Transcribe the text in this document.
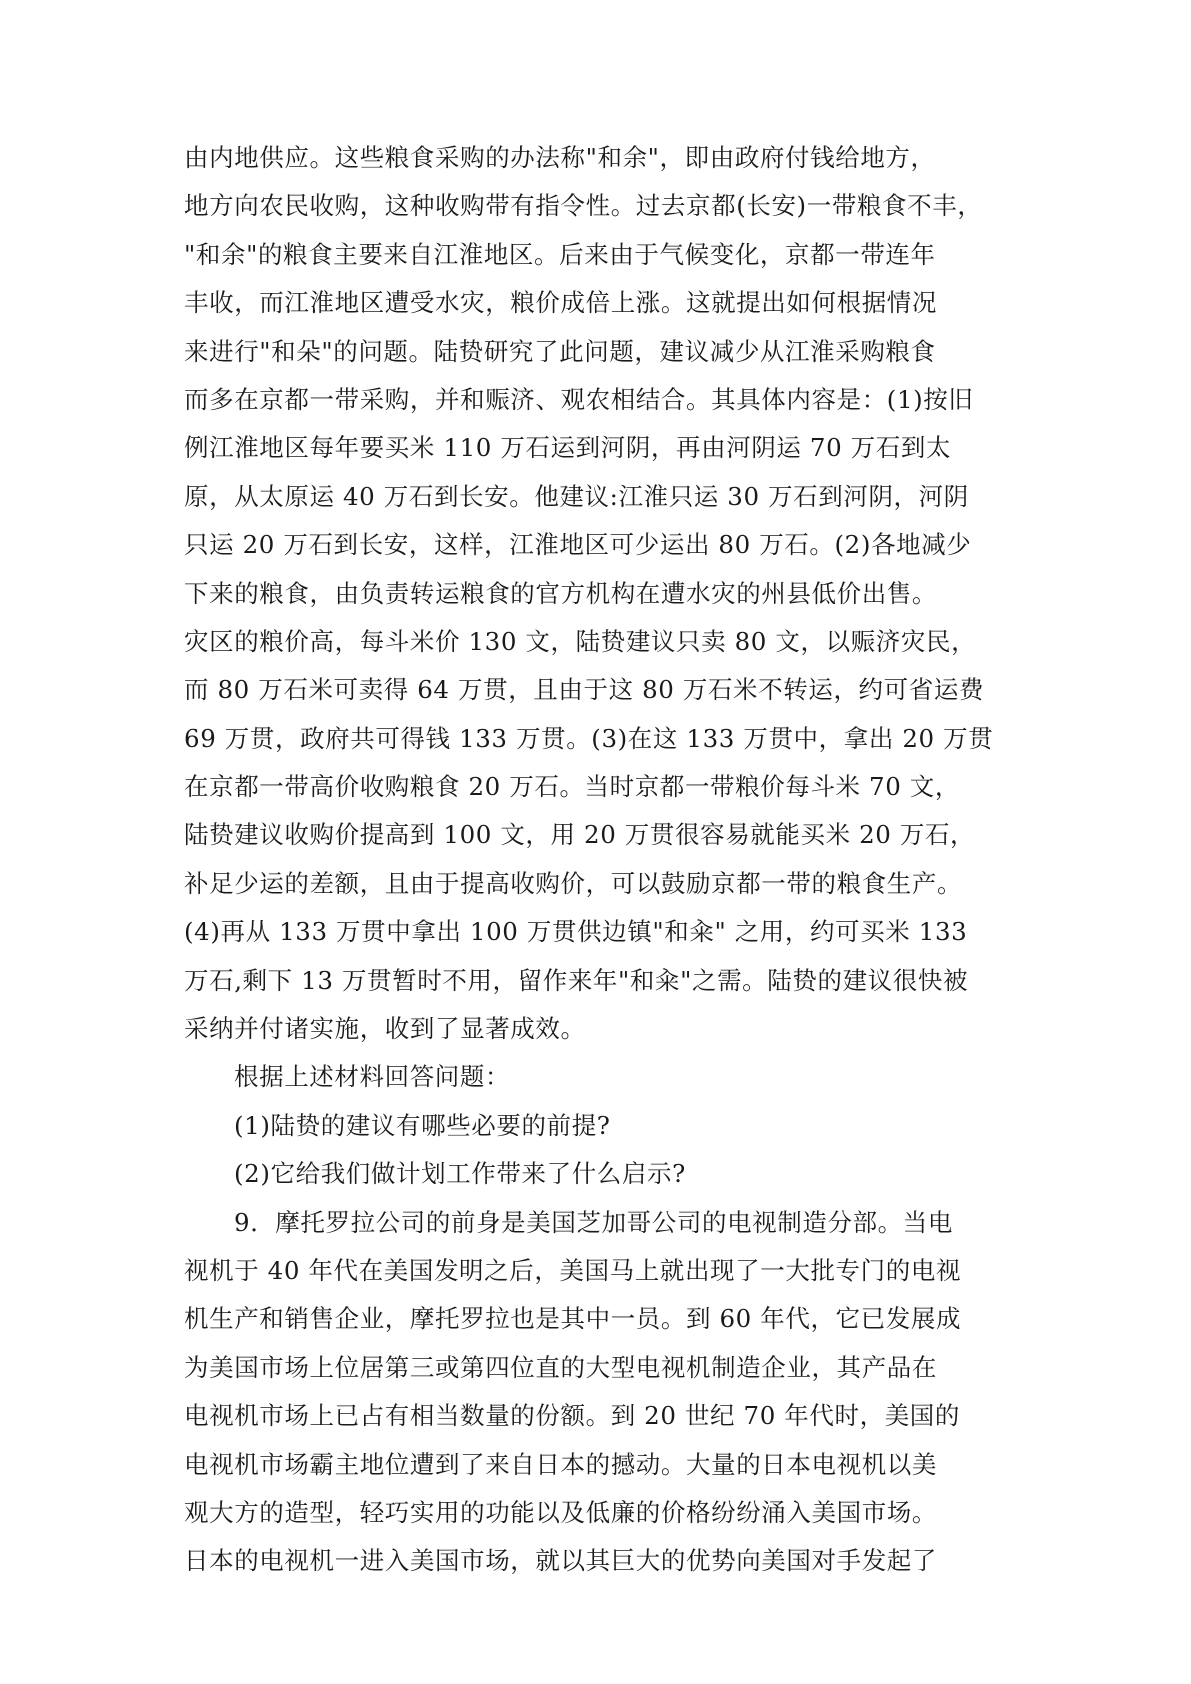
由内地供应。这些粮食采购的办法称"和余"，即由政府付钱给地方，
地方向农民收购，这种收购带有指令性。过去京都(长安)一带粮食不丰，
"和余"的粮食主要来自江淮地区。后来由于气候变化，京都一带连年
丰收，而江淮地区遭受水灾，粮价成倍上涨。这就提出如何根据情况
来进行"和朵"的问题。陆贽研究了此问题，建议减少从江淮采购粮食
而多在京都一带采购，并和赈济、观农相结合。其具体内容是：(1)按旧
例江淮地区每年要买米 110 万石运到河阴，再由河阴运 70 万石到太
原，从太原运 40 万石到长安。他建议:江淮只运 30 万石到河阴，河阴
只运 20 万石到长安，这样，江淮地区可少运出 80 万石。(2)各地减少
下来的粮食，由负责转运粮食的官方机构在遭水灾的州县低价出售。
灾区的粮价高，每斗米价 130 文，陆贽建议只卖 80 文，以赈济灾民，
而 80 万石米可卖得 64 万贯，且由于这 80 万石米不转运，约可省运费
69 万贯，政府共可得钱 133 万贯。(3)在这 133 万贯中，拿出 20 万贯
在京都一带高价收购粮食 20 万石。当时京都一带粮价每斗米 70 文，
陆贽建议收购价提高到 100 文，用 20 万贯很容易就能买米 20 万石，
补足少运的差额，且由于提高收购价，可以鼓励京都一带的粮食生产。
(4)再从 133 万贯中拿出 100 万贯供边镇"和籴" 之用，约可买米 133
万石,剩下 13 万贯暂时不用，留作来年"和籴"之需。陆贽的建议很快被
采纳并付诸实施，收到了显著成效。
根据上述材料回答问题：
(1)陆贽的建议有哪些必要的前提?
(2)它给我们做计划工作带来了什么启示?
9．摩托罗拉公司的前身是美国芝加哥公司的电视制造分部。当电
视机于 40 年代在美国发明之后，美国马上就出现了一大批专门的电视
机生产和销售企业，摩托罗拉也是其中一员。到 60 年代，它已发展成
为美国市场上位居第三或第四位直的大型电视机制造企业，其产品在
电视机市场上已占有相当数量的份额。到 20 世纪 70 年代时，美国的
电视机市场霸主地位遭到了来自日本的撼动。大量的日本电视机以美
观大方的造型，轻巧实用的功能以及低廉的价格纷纷涌入美国市场。
日本的电视机一进入美国市场，就以其巨大的优势向美国对手发起了
